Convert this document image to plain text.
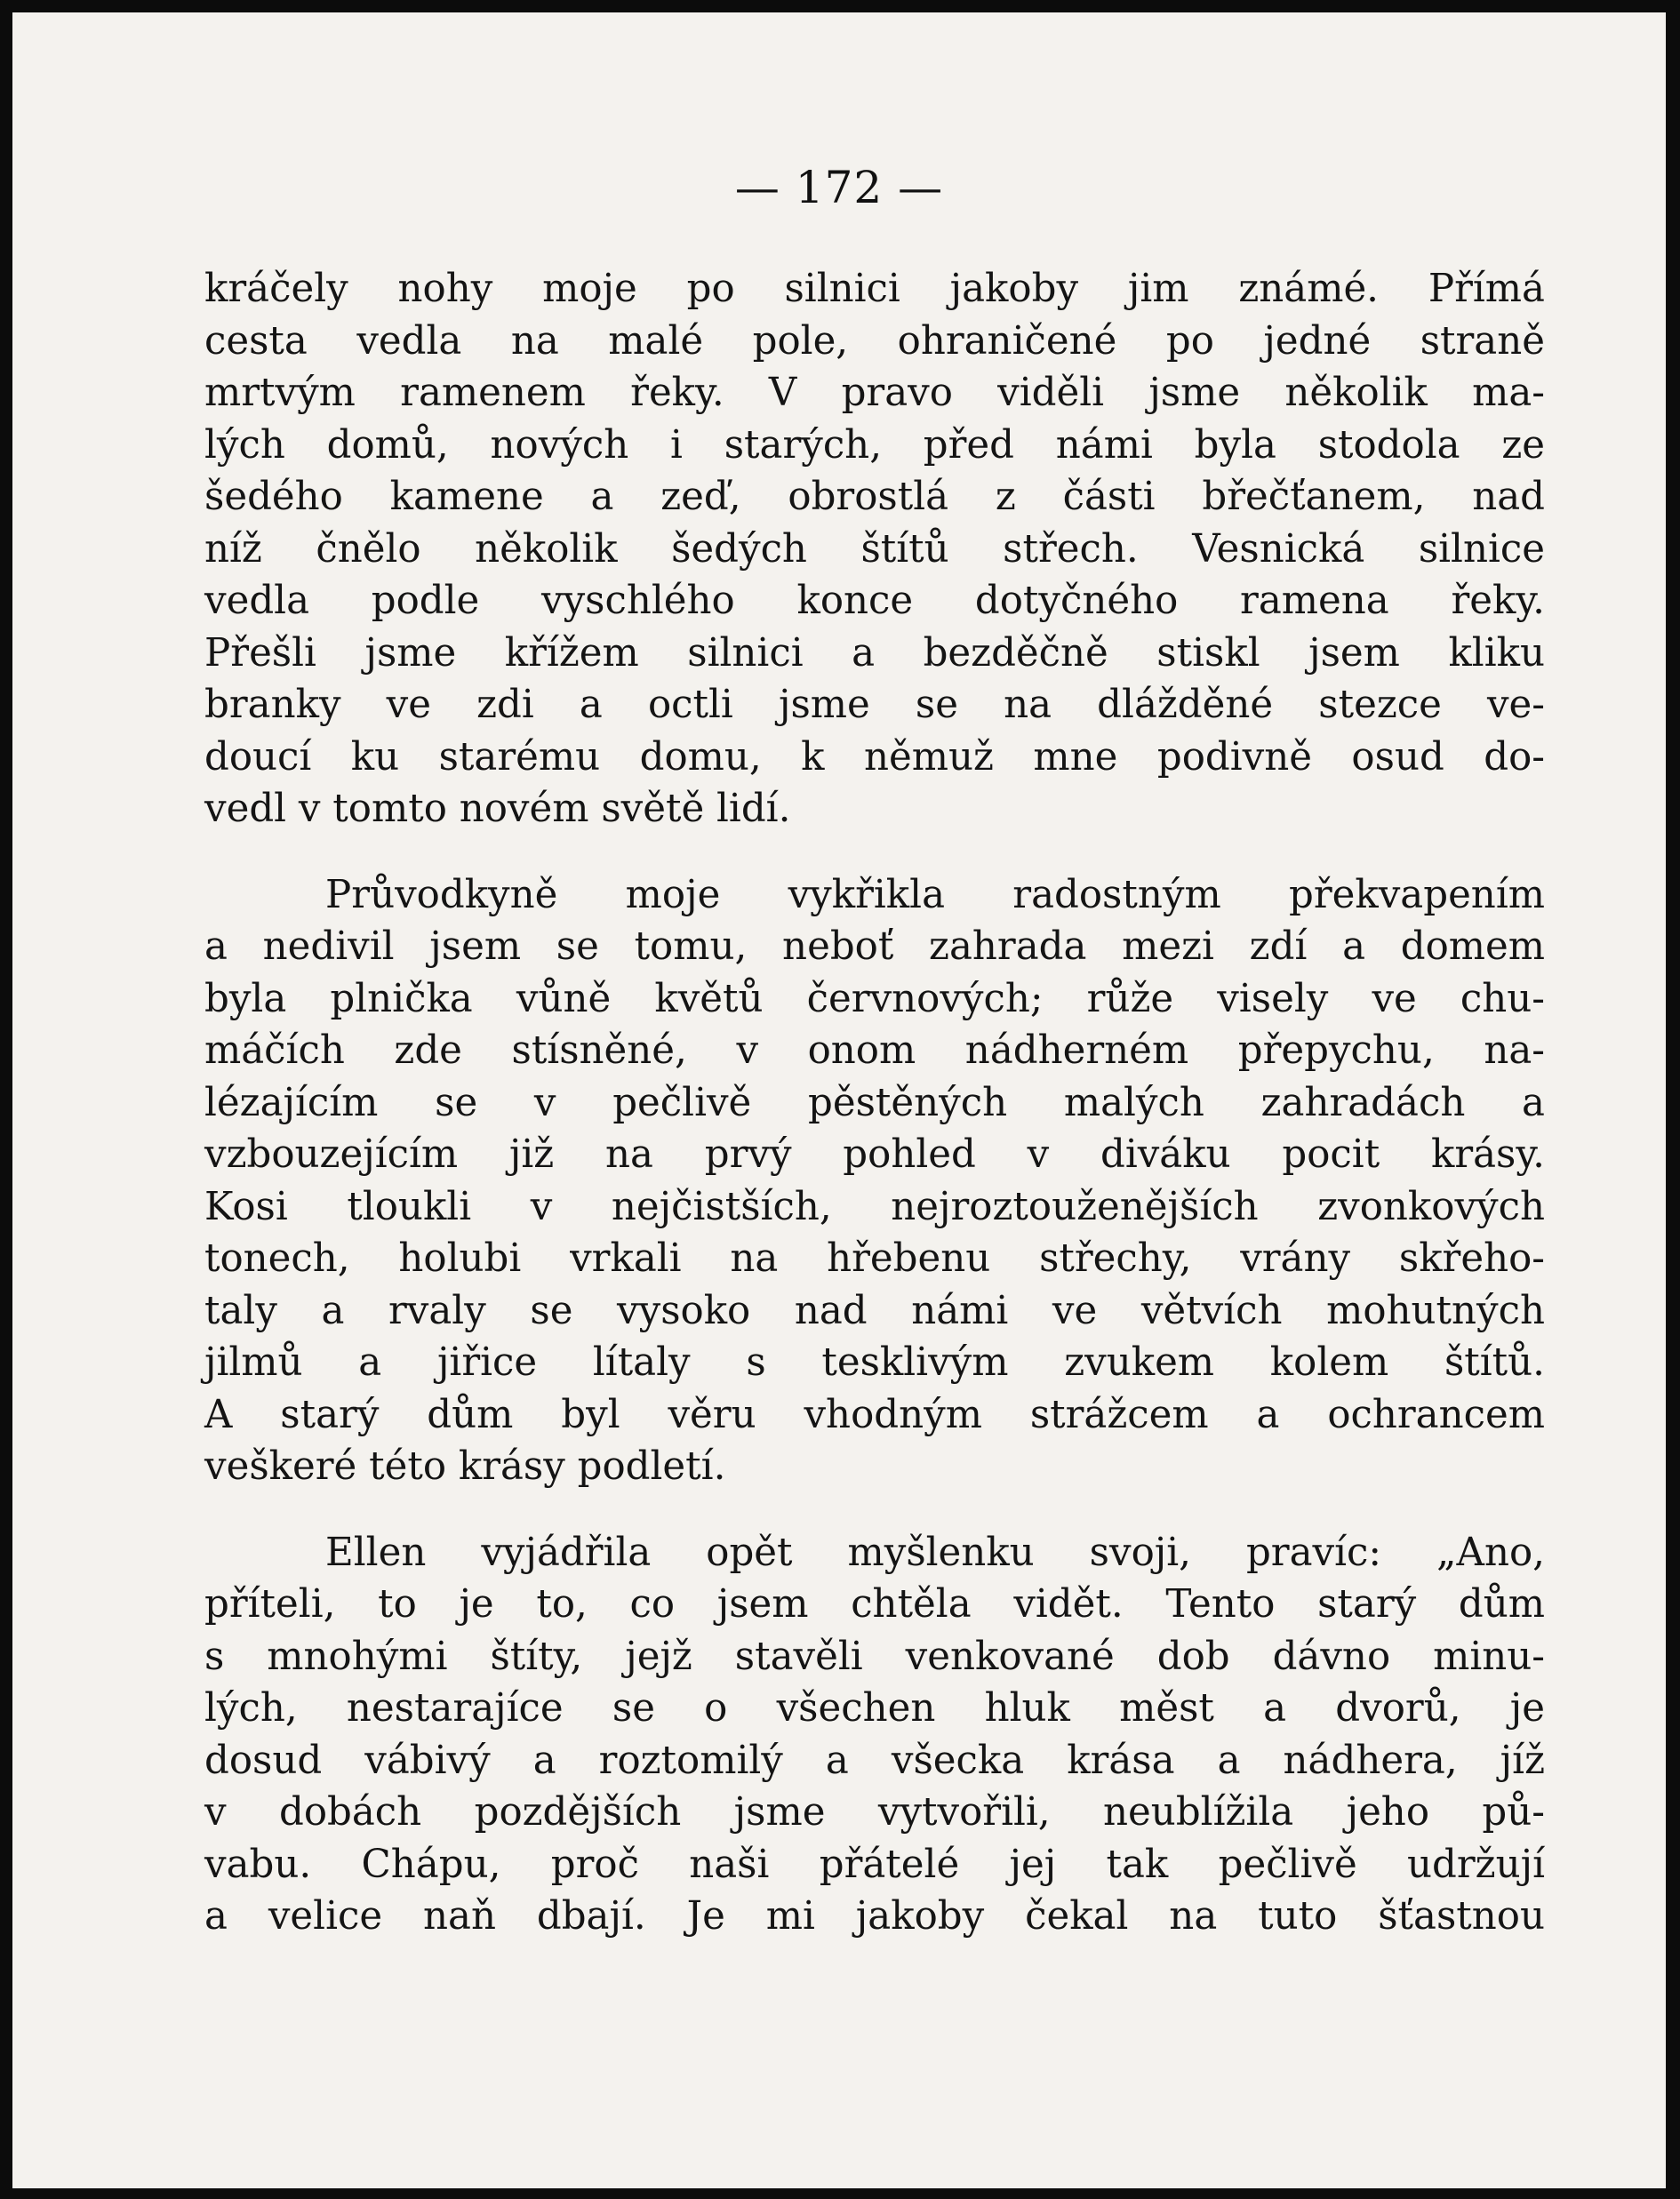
— 172 —
kráčely nohy moje po silnici jakoby jim známé. Přímá
cesta vedla na malé pole, ohraničené po jedné straně
mrtvým ramenem řeky. V pravo viděli jsme několik ma-
lých domů, nových i starých, před námi byla stodola ze
šedého kamene a zeď, obrostlá z části břečťanem, nad
níž čnělo několik šedých štítů střech. Vesnická silnice
vedla podle vyschlého konce dotyčného ramena řeky.
Přešli jsme křížem silnici a bezděčně stiskl jsem kliku
branky ve zdi a octli jsme se na dlážděné stezce ve-
doucí ku starému domu, k němuž mne podivně osud do-
vedl v tomto novém světě lidí.
Průvodkyně moje vykřikla radostným překvapením
a nedivil jsem se tomu, neboť zahrada mezi zdí a domem
byla plnička vůně květů červnových; růže visely ve chu-
máčích zde stísněné, v onom nádherném přepychu, na-
lézajícím se v pečlivě pěstěných malých zahradách a
vzbouzejícím již na prvý pohled v diváku pocit krásy.
Kosi tloukli v nejčistších, nejroztouženějších zvonkových
tonech, holubi vrkali na hřebenu střechy, vrány skřeho-
taly a rvaly se vysoko nad námi ve větvích mohutných
jilmů a jiřice lítaly s tesklivým zvukem kolem štítů.
A starý dům byl věru vhodným strážcem a ochrancem
veškeré této krásy podletí.
Ellen vyjádřila opět myšlenku svoji, pravíc: „Ano,
příteli, to je to, co jsem chtěla vidět. Tento starý dům
s mnohými štíty, jejž stavěli venkované dob dávno minu-
lých, nestarajíce se o všechen hluk měst a dvorů, je
dosud vábivý a roztomilý a všecka krása a nádhera, jíž
v dobách pozdějších jsme vytvořili, neublížila jeho pů-
vabu. Chápu, proč naši přátelé jej tak pečlivě udržují
a velice naň dbají. Je mi jakoby čekal na tuto šťastnou
